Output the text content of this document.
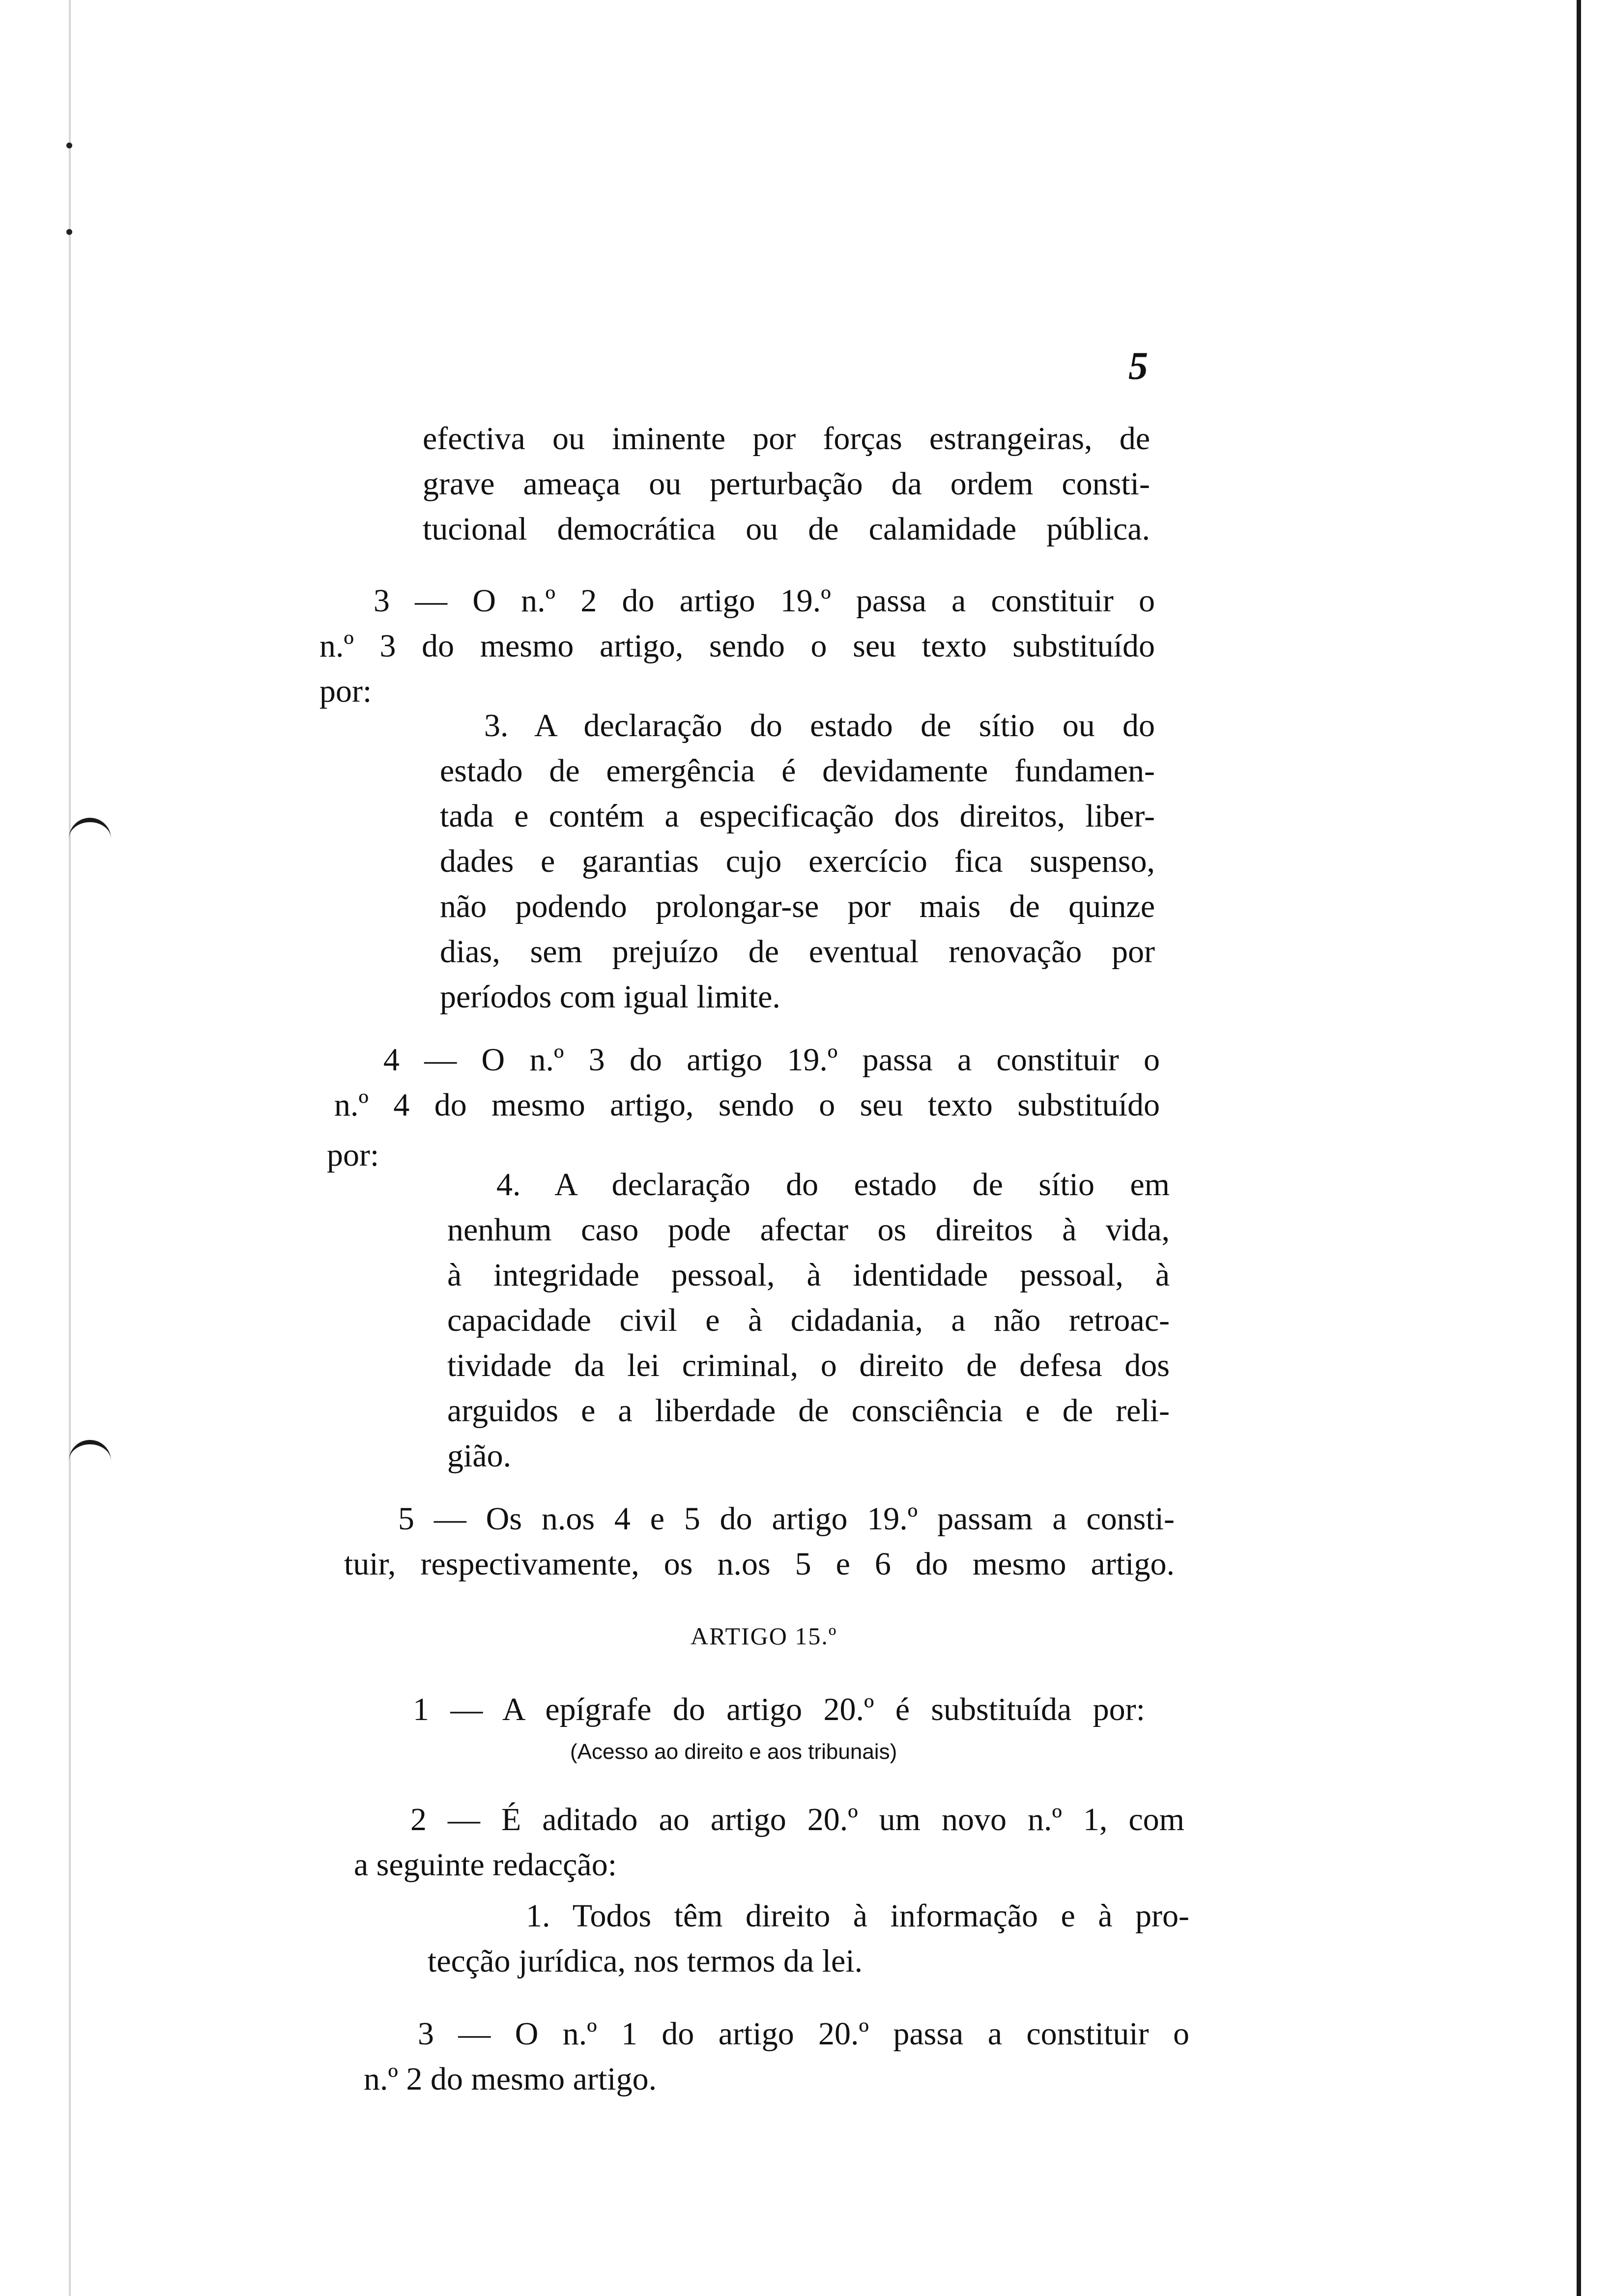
5
efectiva ou iminente por forças estrangeiras, de
grave ameaça ou perturbação da ordem consti-
tucional democrática ou de calamidade pública.
3 — O n.º 2 do artigo 19.º passa a constituir o
n.º 3 do mesmo artigo, sendo o seu texto substituído
por:
3. A declaração do estado de sítio ou do
estado de emergência é devidamente fundamen-
tada e contém a especificação dos direitos, liber-
dades e garantias cujo exercício fica suspenso,
não podendo prolongar-se por mais de quinze
dias, sem prejuízo de eventual renovação por
períodos com igual limite.
4 — O n.º 3 do artigo 19.º passa a constituir o
n.º 4 do mesmo artigo, sendo o seu texto substituído
por:
4. A declaração do estado de sítio em
nenhum caso pode afectar os direitos à vida,
à integridade pessoal, à identidade pessoal, à
capacidade civil e à cidadania, a não retroac-
tividade da lei criminal, o direito de defesa dos
arguidos e a liberdade de consciência e de reli-
gião.
5 — Os n.os 4 e 5 do artigo 19.º passam a consti-
tuir, respectivamente, os n.os 5 e 6 do mesmo artigo.
ARTIGO 15.º
1 — A epígrafe do artigo 20.º é substituída por:
(Acesso ao direito e aos tribunais)
2 — É aditado ao artigo 20.º um novo n.º 1, com
a seguinte redacção:
1. Todos têm direito à informação e à pro-
tecção jurídica, nos termos da lei.
3 — O n.º 1 do artigo 20.º passa a constituir o
n.º 2 do mesmo artigo.
